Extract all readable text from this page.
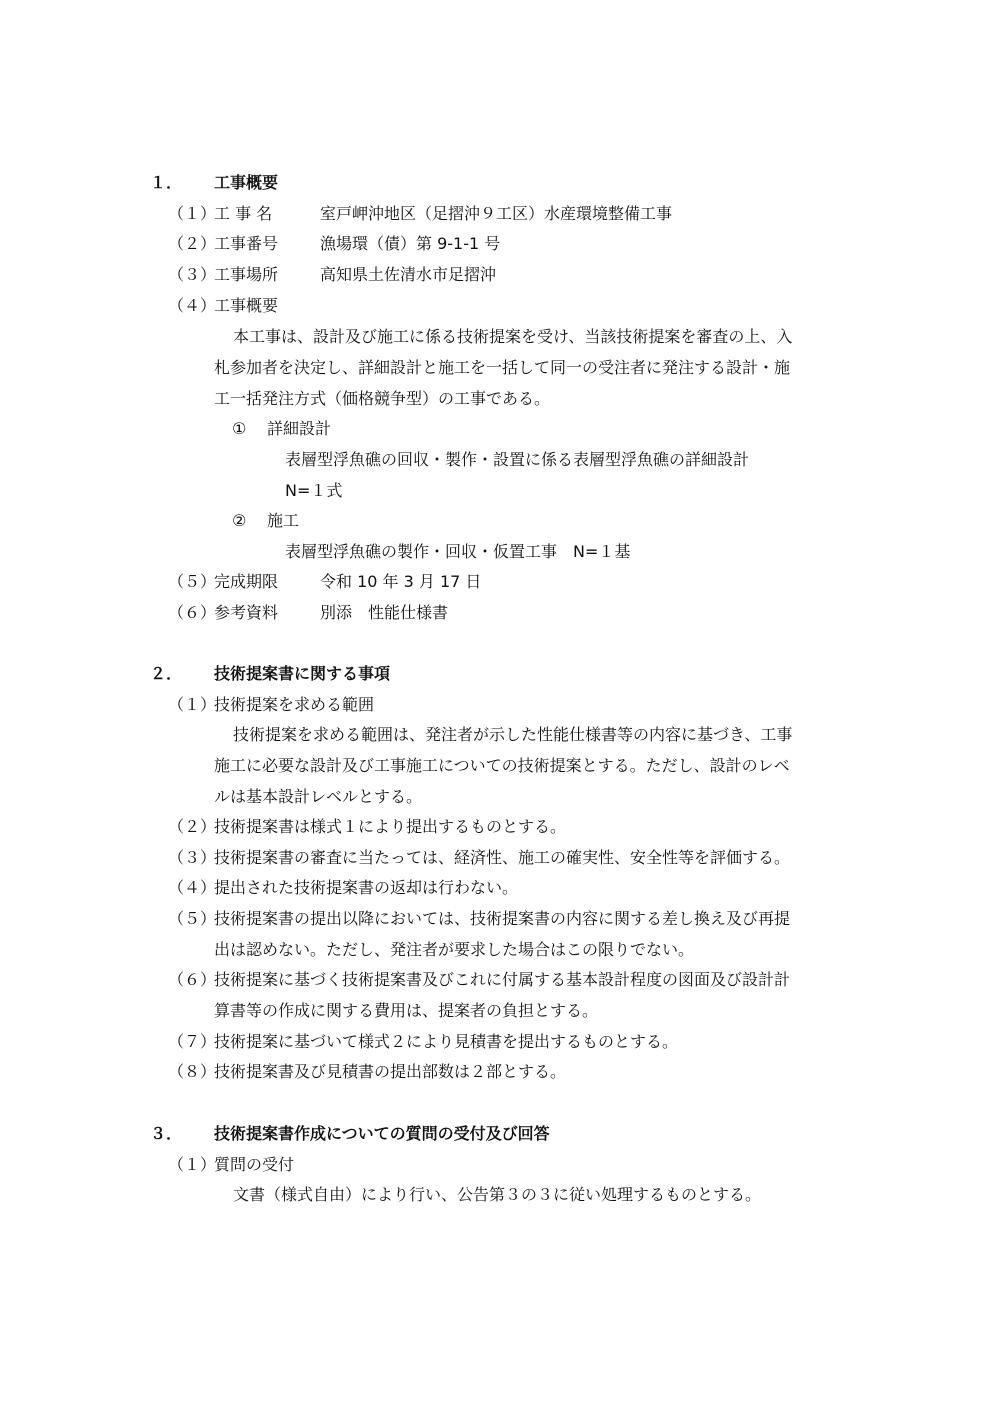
１． 工事概要
（１）
工 事 名	室戸岬沖地区（足摺沖９工区）水産環境整備工事
（２）
工事番号	漁場環（債）第 9-1-1 号
（３）
工事場所	高知県土佐清水市足摺沖
（４）
工事概要
本工事は、設計及び施工に係る技術提案を受け、当該技術提案を審査の上、入
札参加者を決定し、詳細設計と施工を一括して同一の受注者に発注する設計・施
工一括発注方式（価格競争型）の工事である。
① 詳細設計
表層型浮魚礁の回収・製作・設置に係る表層型浮魚礁の詳細設計
N=１式
② 施工
表層型浮魚礁の製作・回収・仮置工事　N=１基
（５）
完成期限	令和 10 年 3 月 17 日
（６）
参考資料	別添　性能仕様書
２． 技術提案書に関する事項
（１）
技術提案を求める範囲
技術提案を求める範囲は、発注者が示した性能仕様書等の内容に基づき、工事
施工に必要な設計及び工事施工についての技術提案とする。ただし、設計のレベ
ルは基本設計レベルとする。
（２）
技術提案書は様式１により提出するものとする。
（３）
技術提案書の審査に当たっては、経済性、施工の確実性、安全性等を評価する。
（４）
提出された技術提案書の返却は行わない。
（５）
技術提案書の提出以降においては、技術提案書の内容に関する差し換え及び再提
出は認めない。ただし、発注者が要求した場合はこの限りでない。
（６）
技術提案に基づく技術提案書及びこれに付属する基本設計程度の図面及び設計計
算書等の作成に関する費用は、提案者の負担とする。
（７）
技術提案に基づいて様式２により見積書を提出するものとする。
（８）
技術提案書及び見積書の提出部数は２部とする。
３． 技術提案書作成についての質問の受付及び回答
（１）
質問の受付
文書（様式自由）により行い、公告第３の３に従い処理するものとする。
